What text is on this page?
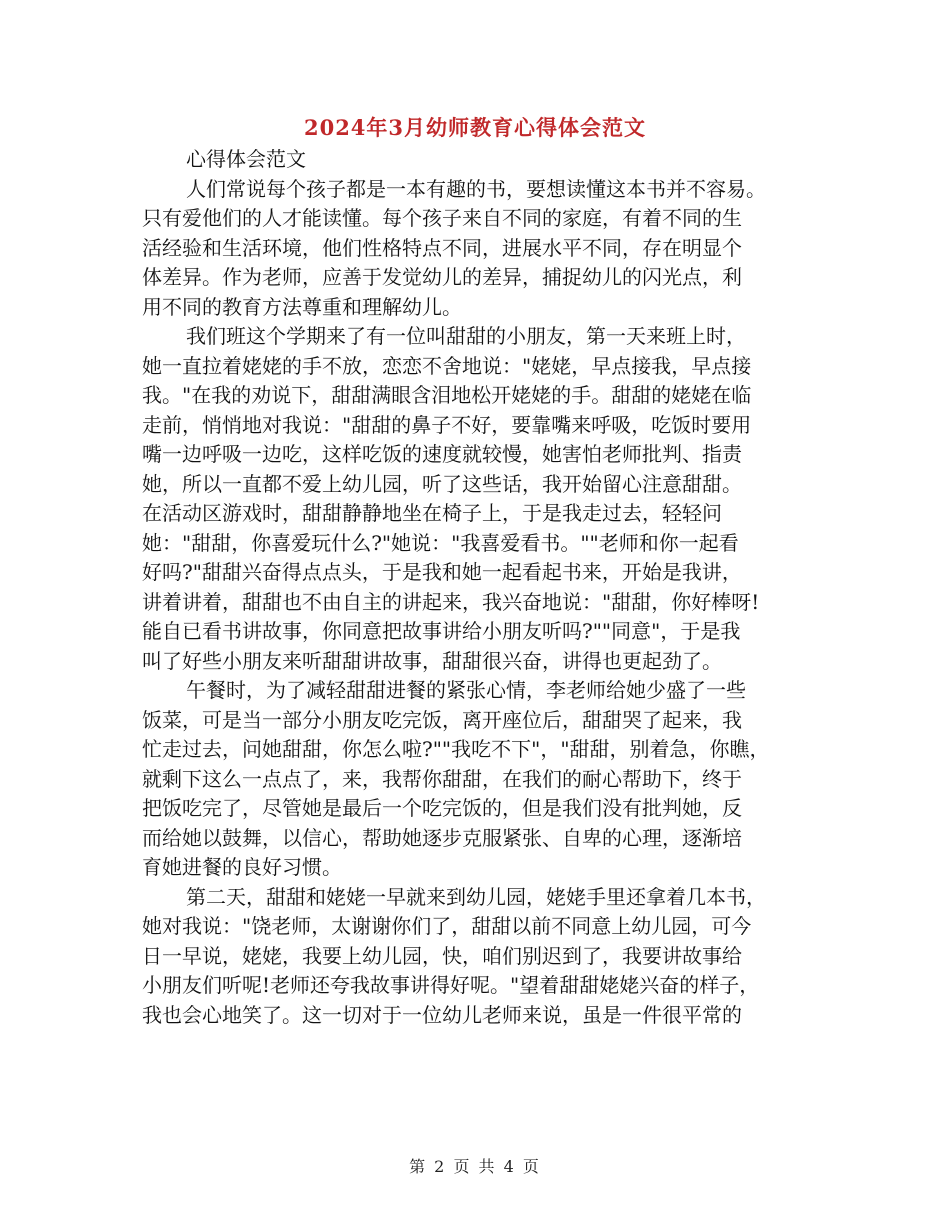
2024年3月幼师教育心得体会范文
心得体会范文
人们常说每个孩子都是一本有趣的书，要想读懂这本书并不容易。
只有爱他们的人才能读懂。每个孩子来自不同的家庭，有着不同的生
活经验和生活环境，他们性格特点不同，进展水平不同，存在明显个
体差异。作为老师，应善于发觉幼儿的差异，捕捉幼儿的闪光点，利
用不同的教育方法尊重和理解幼儿。
我们班这个学期来了有一位叫甜甜的小朋友，第一天来班上时，
她一直拉着姥姥的手不放，恋恋不舍地说："姥姥，早点接我，早点接
我。"在我的劝说下，甜甜满眼含泪地松开姥姥的手。甜甜的姥姥在临
走前，悄悄地对我说："甜甜的鼻子不好，要靠嘴来呼吸，吃饭时要用
嘴一边呼吸一边吃，这样吃饭的速度就较慢，她害怕老师批判、指责
她，所以一直都不爱上幼儿园，听了这些话，我开始留心注意甜甜。
在活动区游戏时，甜甜静静地坐在椅子上，于是我走过去，轻轻问
她："甜甜，你喜爱玩什么?"她说："我喜爱看书。""老师和你一起看
好吗?"甜甜兴奋得点点头，于是我和她一起看起书来，开始是我讲，
讲着讲着，甜甜也不由自主的讲起来，我兴奋地说："甜甜，你好棒呀!
能自已看书讲故事，你同意把故事讲给小朋友听吗?""同意"，于是我
叫了好些小朋友来听甜甜讲故事，甜甜很兴奋，讲得也更起劲了。
午餐时，为了减轻甜甜进餐的紧张心情，李老师给她少盛了一些
饭菜，可是当一部分小朋友吃完饭，离开座位后，甜甜哭了起来，我
忙走过去，问她甜甜，你怎么啦?""我吃不下"，"甜甜，别着急，你瞧，
就剩下这么一点点了，来，我帮你甜甜，在我们的耐心帮助下，终于
把饭吃完了，尽管她是最后一个吃完饭的，但是我们没有批判她，反
而给她以鼓舞，以信心，帮助她逐步克服紧张、自卑的心理，逐渐培
育她进餐的良好习惯。
第二天，甜甜和姥姥一早就来到幼儿园，姥姥手里还拿着几本书，
她对我说："饶老师，太谢谢你们了，甜甜以前不同意上幼儿园，可今
日一早说，姥姥，我要上幼儿园，快，咱们别迟到了，我要讲故事给
小朋友们听呢!老师还夸我故事讲得好呢。"望着甜甜姥姥兴奋的样子，
我也会心地笑了。这一切对于一位幼儿老师来说，虽是一件很平常的
第 2 页 共 4 页
